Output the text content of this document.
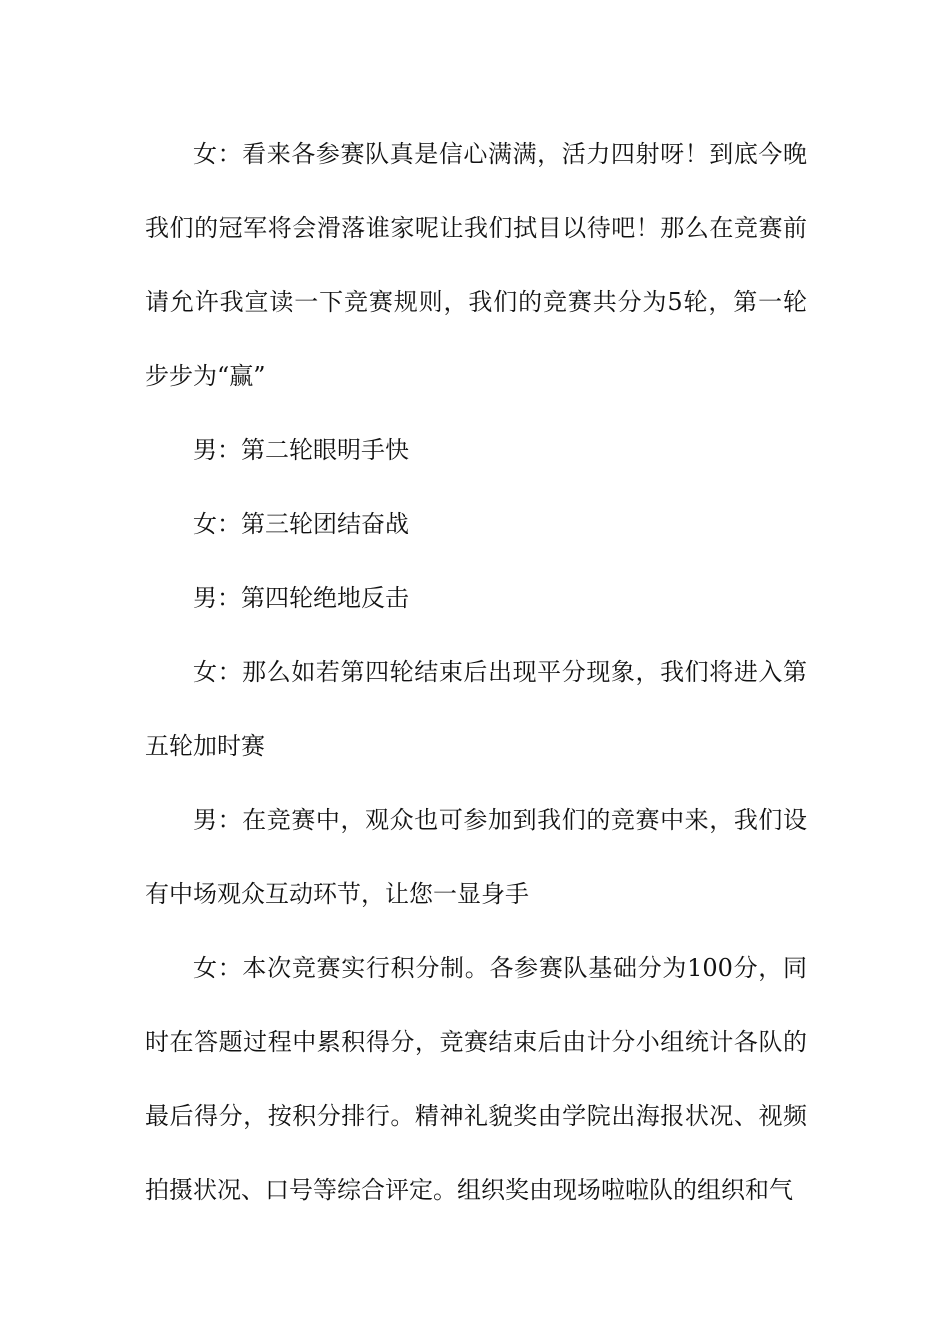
女：看来各参赛队真是信心满满，活力四射呀！到底今晚我们的冠军将会滑落谁家呢让我们拭目以待吧！那么在竞赛前请允许我宣读一下竞赛规则，我们的竞赛共分为5轮，第一轮步步为“赢”

男：第二轮眼明手快

女：第三轮团结奋战

男：第四轮绝地反击

女：那么如若第四轮结束后出现平分现象，我们将进入第五轮加时赛

男：在竞赛中，观众也可参加到我们的竞赛中来，我们设有中场观众互动环节，让您一显身手

女：本次竞赛实行积分制。各参赛队基础分为100分，同时在答题过程中累积得分，竞赛结束后由计分小组统计各队的最后得分，按积分排行。精神礼貌奖由学院出海报状况、视频拍摄状况、口号等综合评定。组织奖由现场啦啦队的组织和气
